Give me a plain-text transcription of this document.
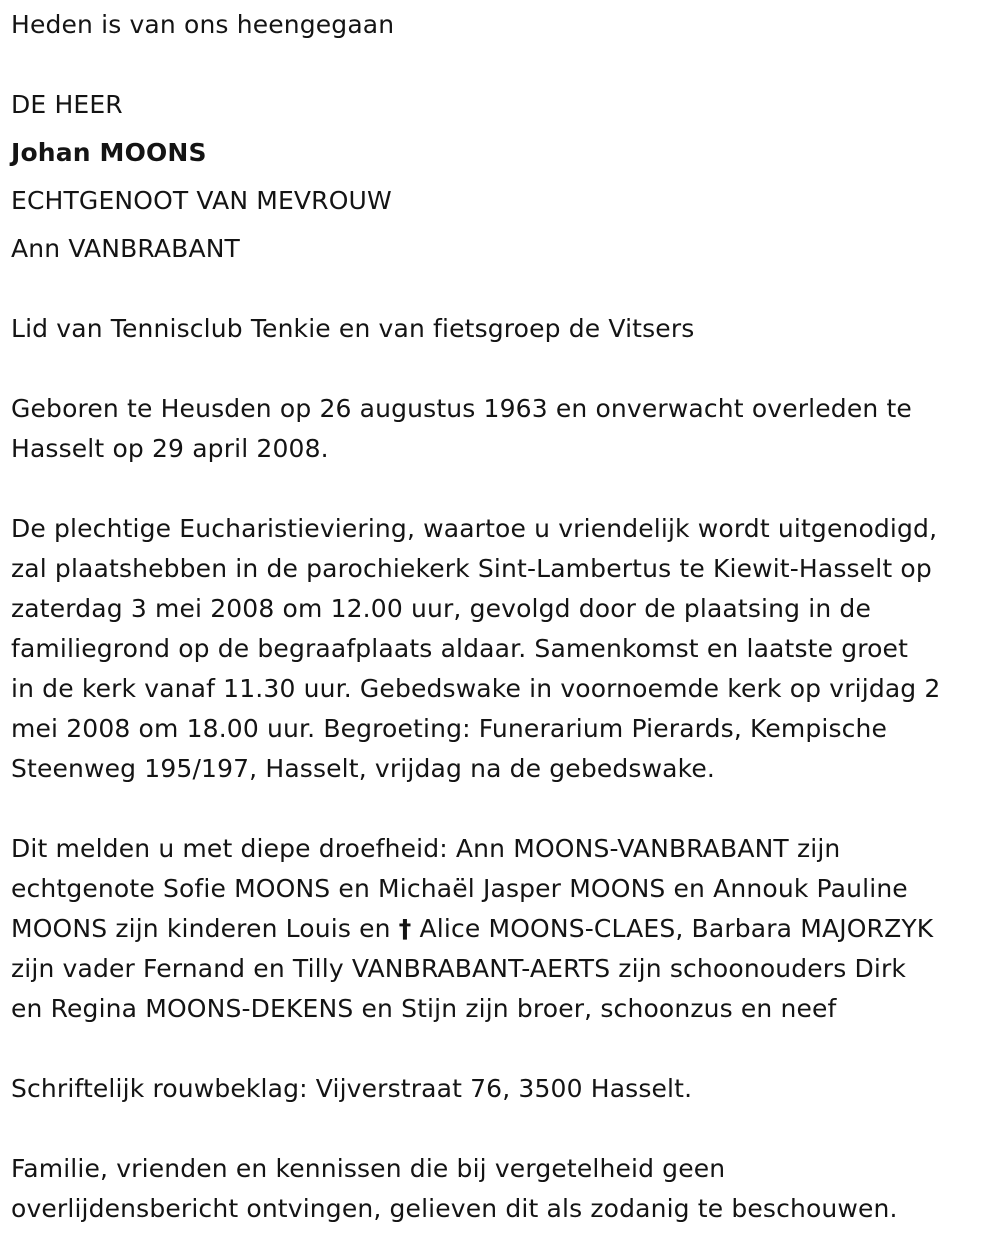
Heden is van ons heengegaan
DE HEER
Johan MOONS
ECHTGENOOT VAN MEVROUW
Ann VANBRABANT
Lid van Tennisclub Tenkie en van fietsgroep de Vitsers
Geboren te Heusden op 26 augustus 1963 en onverwacht overleden te
Hasselt op 29 april 2008.
De plechtige Eucharistieviering, waartoe u vriendelijk wordt uitgenodigd,
zal plaatshebben in de parochiekerk Sint-Lambertus te Kiewit-Hasselt op
zaterdag 3 mei 2008 om 12.00 uur, gevolgd door de plaatsing in de
familiegrond op de begraafplaats aldaar. Samenkomst en laatste groet
in de kerk vanaf 11.30 uur. Gebedswake in voornoemde kerk op vrijdag 2
mei 2008 om 18.00 uur. Begroeting: Funerarium Pierards, Kempische
Steenweg 195/197, Hasselt, vrijdag na de gebedswake.
Dit melden u met diepe droefheid: Ann MOONS-VANBRABANT zijn
echtgenote Sofie MOONS en Michaël Jasper MOONS en Annouk Pauline
MOONS zijn kinderen Louis en † Alice MOONS-CLAES, Barbara MAJORZYK
zijn vader Fernand en Tilly VANBRABANT-AERTS zijn schoonouders Dirk
en Regina MOONS-DEKENS en Stijn zijn broer, schoonzus en neef
Schriftelijk rouwbeklag: Vijverstraat 76, 3500 Hasselt.
Familie, vrienden en kennissen die bij vergetelheid geen
overlijdensbericht ontvingen, gelieven dit als zodanig te beschouwen.
